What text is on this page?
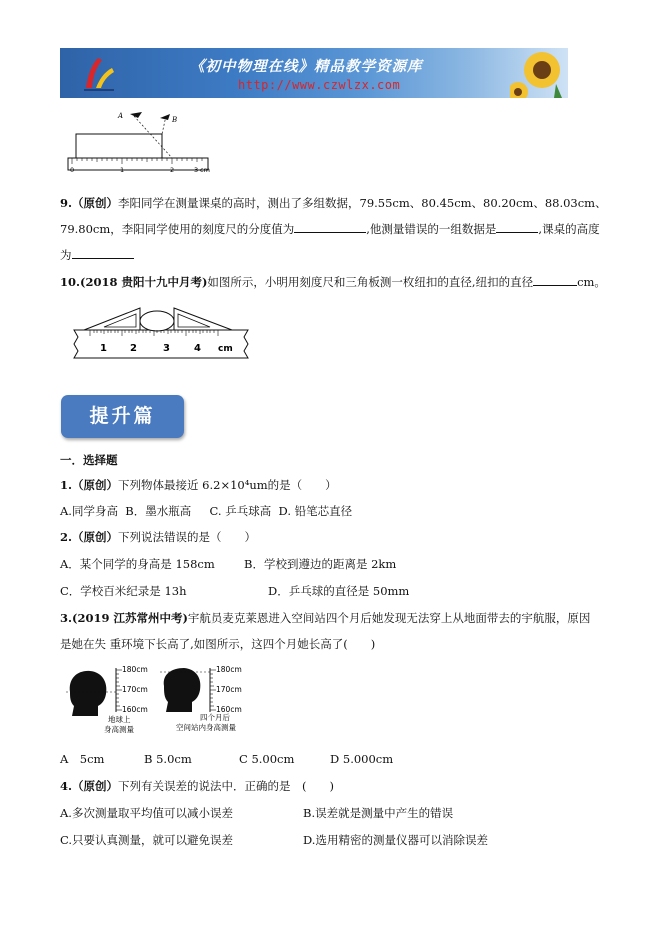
《初中物理在线》精品教学资源库
http://www.czwlzx.com
A	B
0	1	2	3 cm
9.（原创）李阳同学在测量课桌的高时，测出了多组数据，79.55cm、80.45cm、80.20cm、88.03cm、
79.80cm，李阳同学使用的刻度尺的分度值为	,他测量错误的一组数据是	,课桌的高度
为
10.(2018 贵阳十九中月考)如图所示，小明用刻度尺和三角板测一枚纽扣的直径,纽扣的直径	cm。
1 2	3 4 cm
提升篇
一．选择题
1.（原创）下列物体最接近 6.2×10⁴um的是（　　）
A.同学身高 B．墨水瓶高 C. 乒乓球高 D. 铅笔芯直径
2.（原创）下列说法错误的是（　　）
A．某个同学的身高是 158cm	B．学校到遵边的距离是 2km
C．学校百米纪录是 13h	D．乒乓球的直径是 50mm
3.(2019 江苏常州中考)宇航员麦克莱恩进入空间站四个月后她发现无法穿上从地面带去的宇航服，原因
是她在失 重环境下长高了,如图所示，这四个月她长高了(　　)
180cm
170cm
160cm
180cm
170cm
160cm
地球上
身高测量
四个月后
空间站内身高测量
A　5cm	B 5.0cm	C 5.00cm	D 5.000cm
4.（原创）下列有关误差的说法中．正确的是　(　　)
A.多次测量取平均值可以减小误差	B.误差就是测量中产生的错误
C.只要认真测量，就可以避免误差	D.选用精密的测量仪器可以消除误差
